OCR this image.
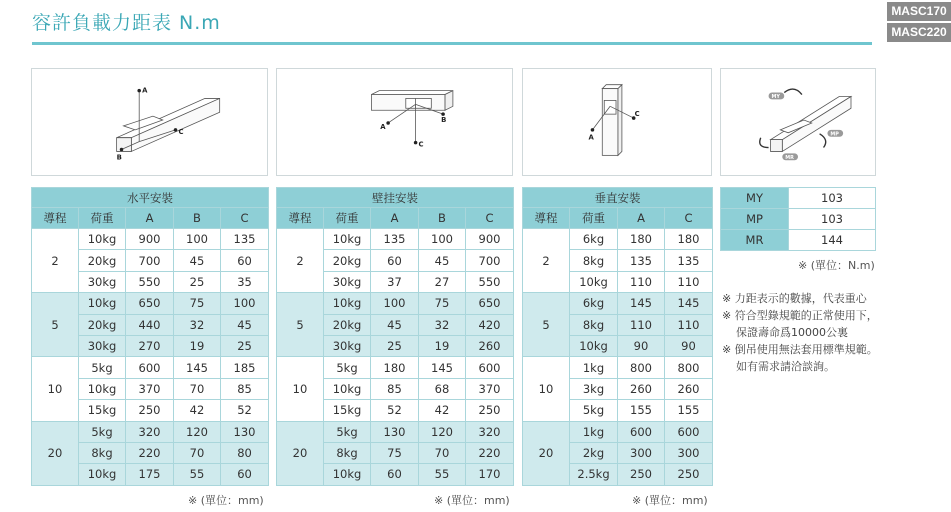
容許負載力距表 N.m
MASC170
MASC220
A
B
C
A
B
C
A
C
MY
MP
MR
水平安裝				
導程	荷重	A	B	C
2	10kg	900	100	135
	20kg	700	45	60
	30kg	550	25	35
5	10kg	650	75	100
	20kg	440	32	45
	30kg	270	19	25
10	5kg	600	145	185
	10kg	370	70	85
	15kg	250	42	52
20	5kg	320	120	130
	8kg	220	70	80
	10kg	175	55	60
※ (單位：mm)
壁挂安裝				
導程	荷重	A	B	C
2	10kg	135	100	900
	20kg	60	45	700
	30kg	37	27	550
5	10kg	100	75	650
	20kg	45	32	420
	30kg	25	19	260
10	5kg	180	145	600
	10kg	85	68	370
	15kg	52	42	250
20	5kg	130	120	320
	8kg	75	70	220
	10kg	60	55	170
※ (單位：mm)
垂直安裝			
導程	荷重	A	C
2	6kg	180	180
	8kg	135	135
	10kg	110	110
5	6kg	145	145
	8kg	110	110
	10kg	90	90
10	1kg	800	800
	3kg	260	260
	5kg	155	155
20	1kg	600	600
	2kg	300	300
	2.5kg	250	250
※ (單位：mm)
MY	103
MP	103
MR	144
※ (單位：N.m)
※ 力距表示的數據，代表重心
※ 符合型錄規範的正常使用下，
保證壽命爲10000公裏
※ 倒吊使用無法套用標準規範。
如有需求請洽談詢。
